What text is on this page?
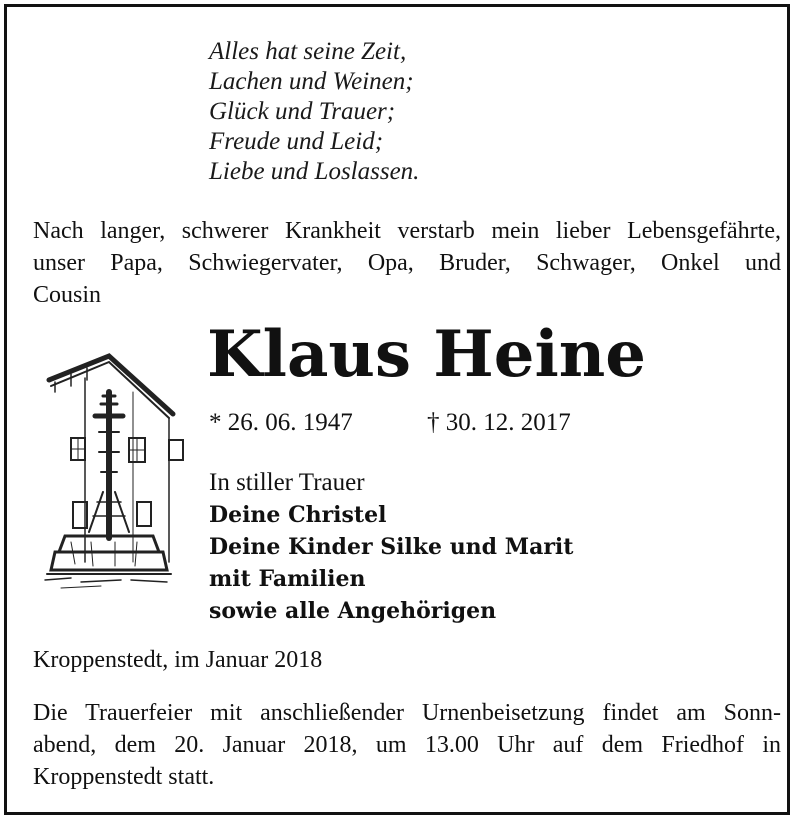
Alles hat seine Zeit,
Lachen und Weinen;
Glück und Trauer;
Freude und Leid;
Liebe und Loslassen.
Nach langer, schwerer Krankheit verstarb mein lieber Lebensgefährte,
unser Papa, Schwiegervater, Opa, Bruder, Schwager, Onkel und
Cousin
Klaus Heine
* 26. 06. 1947	† 30. 12. 2017
In stiller Trauer
Deine Christel
Deine Kinder Silke und Marit
mit Familien
sowie alle Angehörigen
Kroppenstedt, im Januar 2018
Die Trauerfeier mit anschließender Urnenbeisetzung findet am Sonn-
abend, dem 20. Januar 2018, um 13.00 Uhr auf dem Friedhof in
Kroppenstedt statt.
